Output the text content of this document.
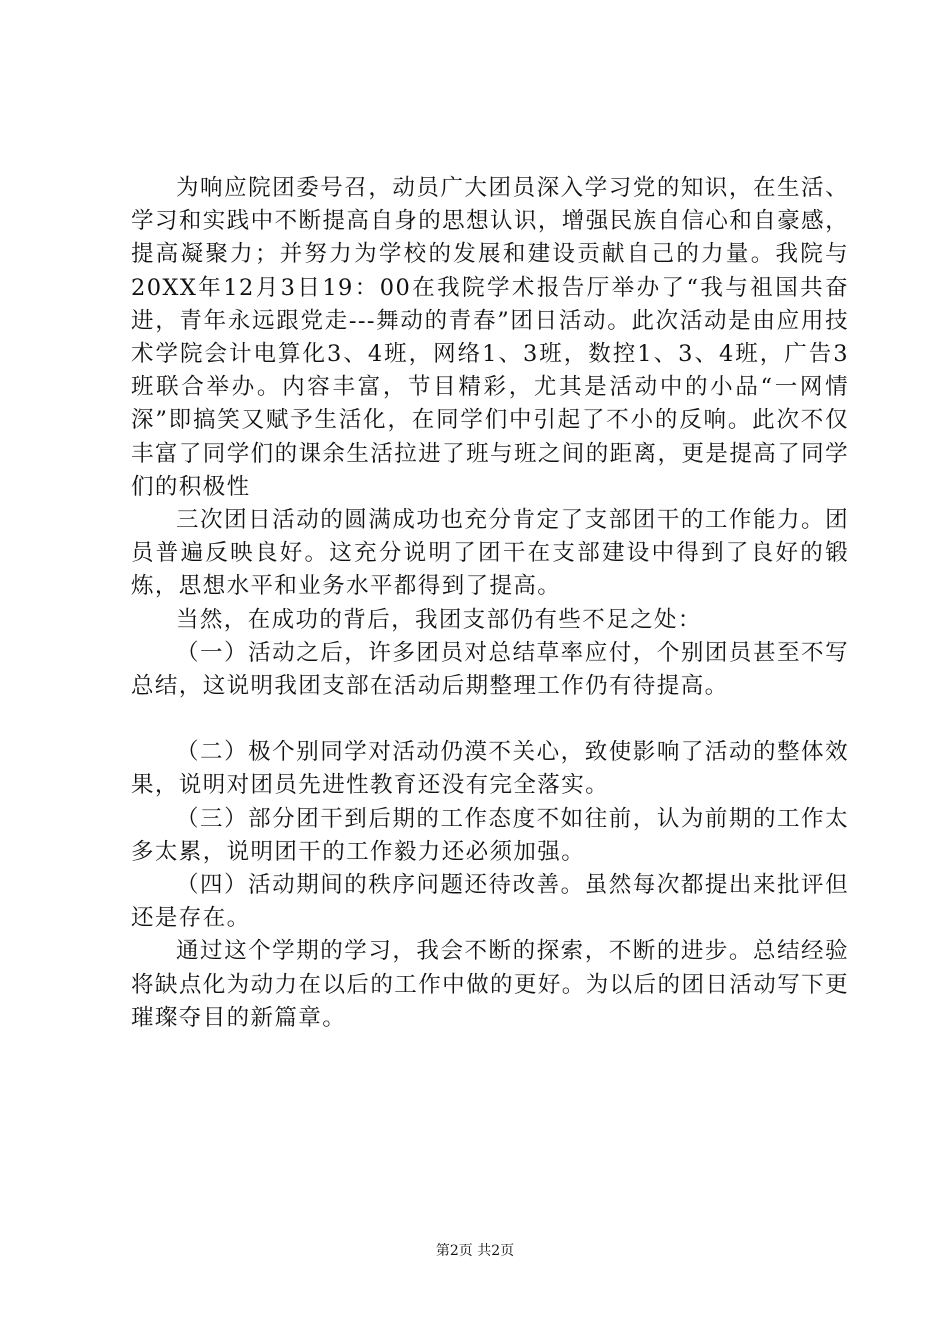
为响应院团委号召，动员广大团员深入学习党的知识，在生活、学习和实践中不断提高自身的思想认识，增强民族自信心和自豪感，提高凝聚力；并努力为学校的发展和建设贡献自己的力量。我院与20XX年12月3日19：00在我院学术报告厅举办了“我与祖国共奋进，青年永远跟党走---舞动的青春”团日活动。此次活动是由应用技术学院会计电算化3、4班，网络1、3班，数控1、3、4班，广告3班联合举办。内容丰富，节目精彩，尤其是活动中的小品“一网情深”即搞笑又赋予生活化，在同学们中引起了不小的反响。此次不仅丰富了同学们的课余生活拉进了班与班之间的距离，更是提高了同学们的积极性

三次团日活动的圆满成功也充分肯定了支部团干的工作能力。团员普遍反映良好。这充分说明了团干在支部建设中得到了良好的锻炼，思想水平和业务水平都得到了提高。

当然，在成功的背后，我团支部仍有些不足之处：

（一）活动之后，许多团员对总结草率应付，个别团员甚至不写总结，这说明我团支部在活动后期整理工作仍有待提高。

（二）极个别同学对活动仍漠不关心，致使影响了活动的整体效果，说明对团员先进性教育还没有完全落实。

（三）部分团干到后期的工作态度不如往前，认为前期的工作太多太累，说明团干的工作毅力还必须加强。

（四）活动期间的秩序问题还待改善。虽然每次都提出来批评但还是存在。

通过这个学期的学习，我会不断的探索，不断的进步。总结经验将缺点化为动力在以后的工作中做的更好。为以后的团日活动写下更璀璨夺目的新篇章。

第2页 共2页
